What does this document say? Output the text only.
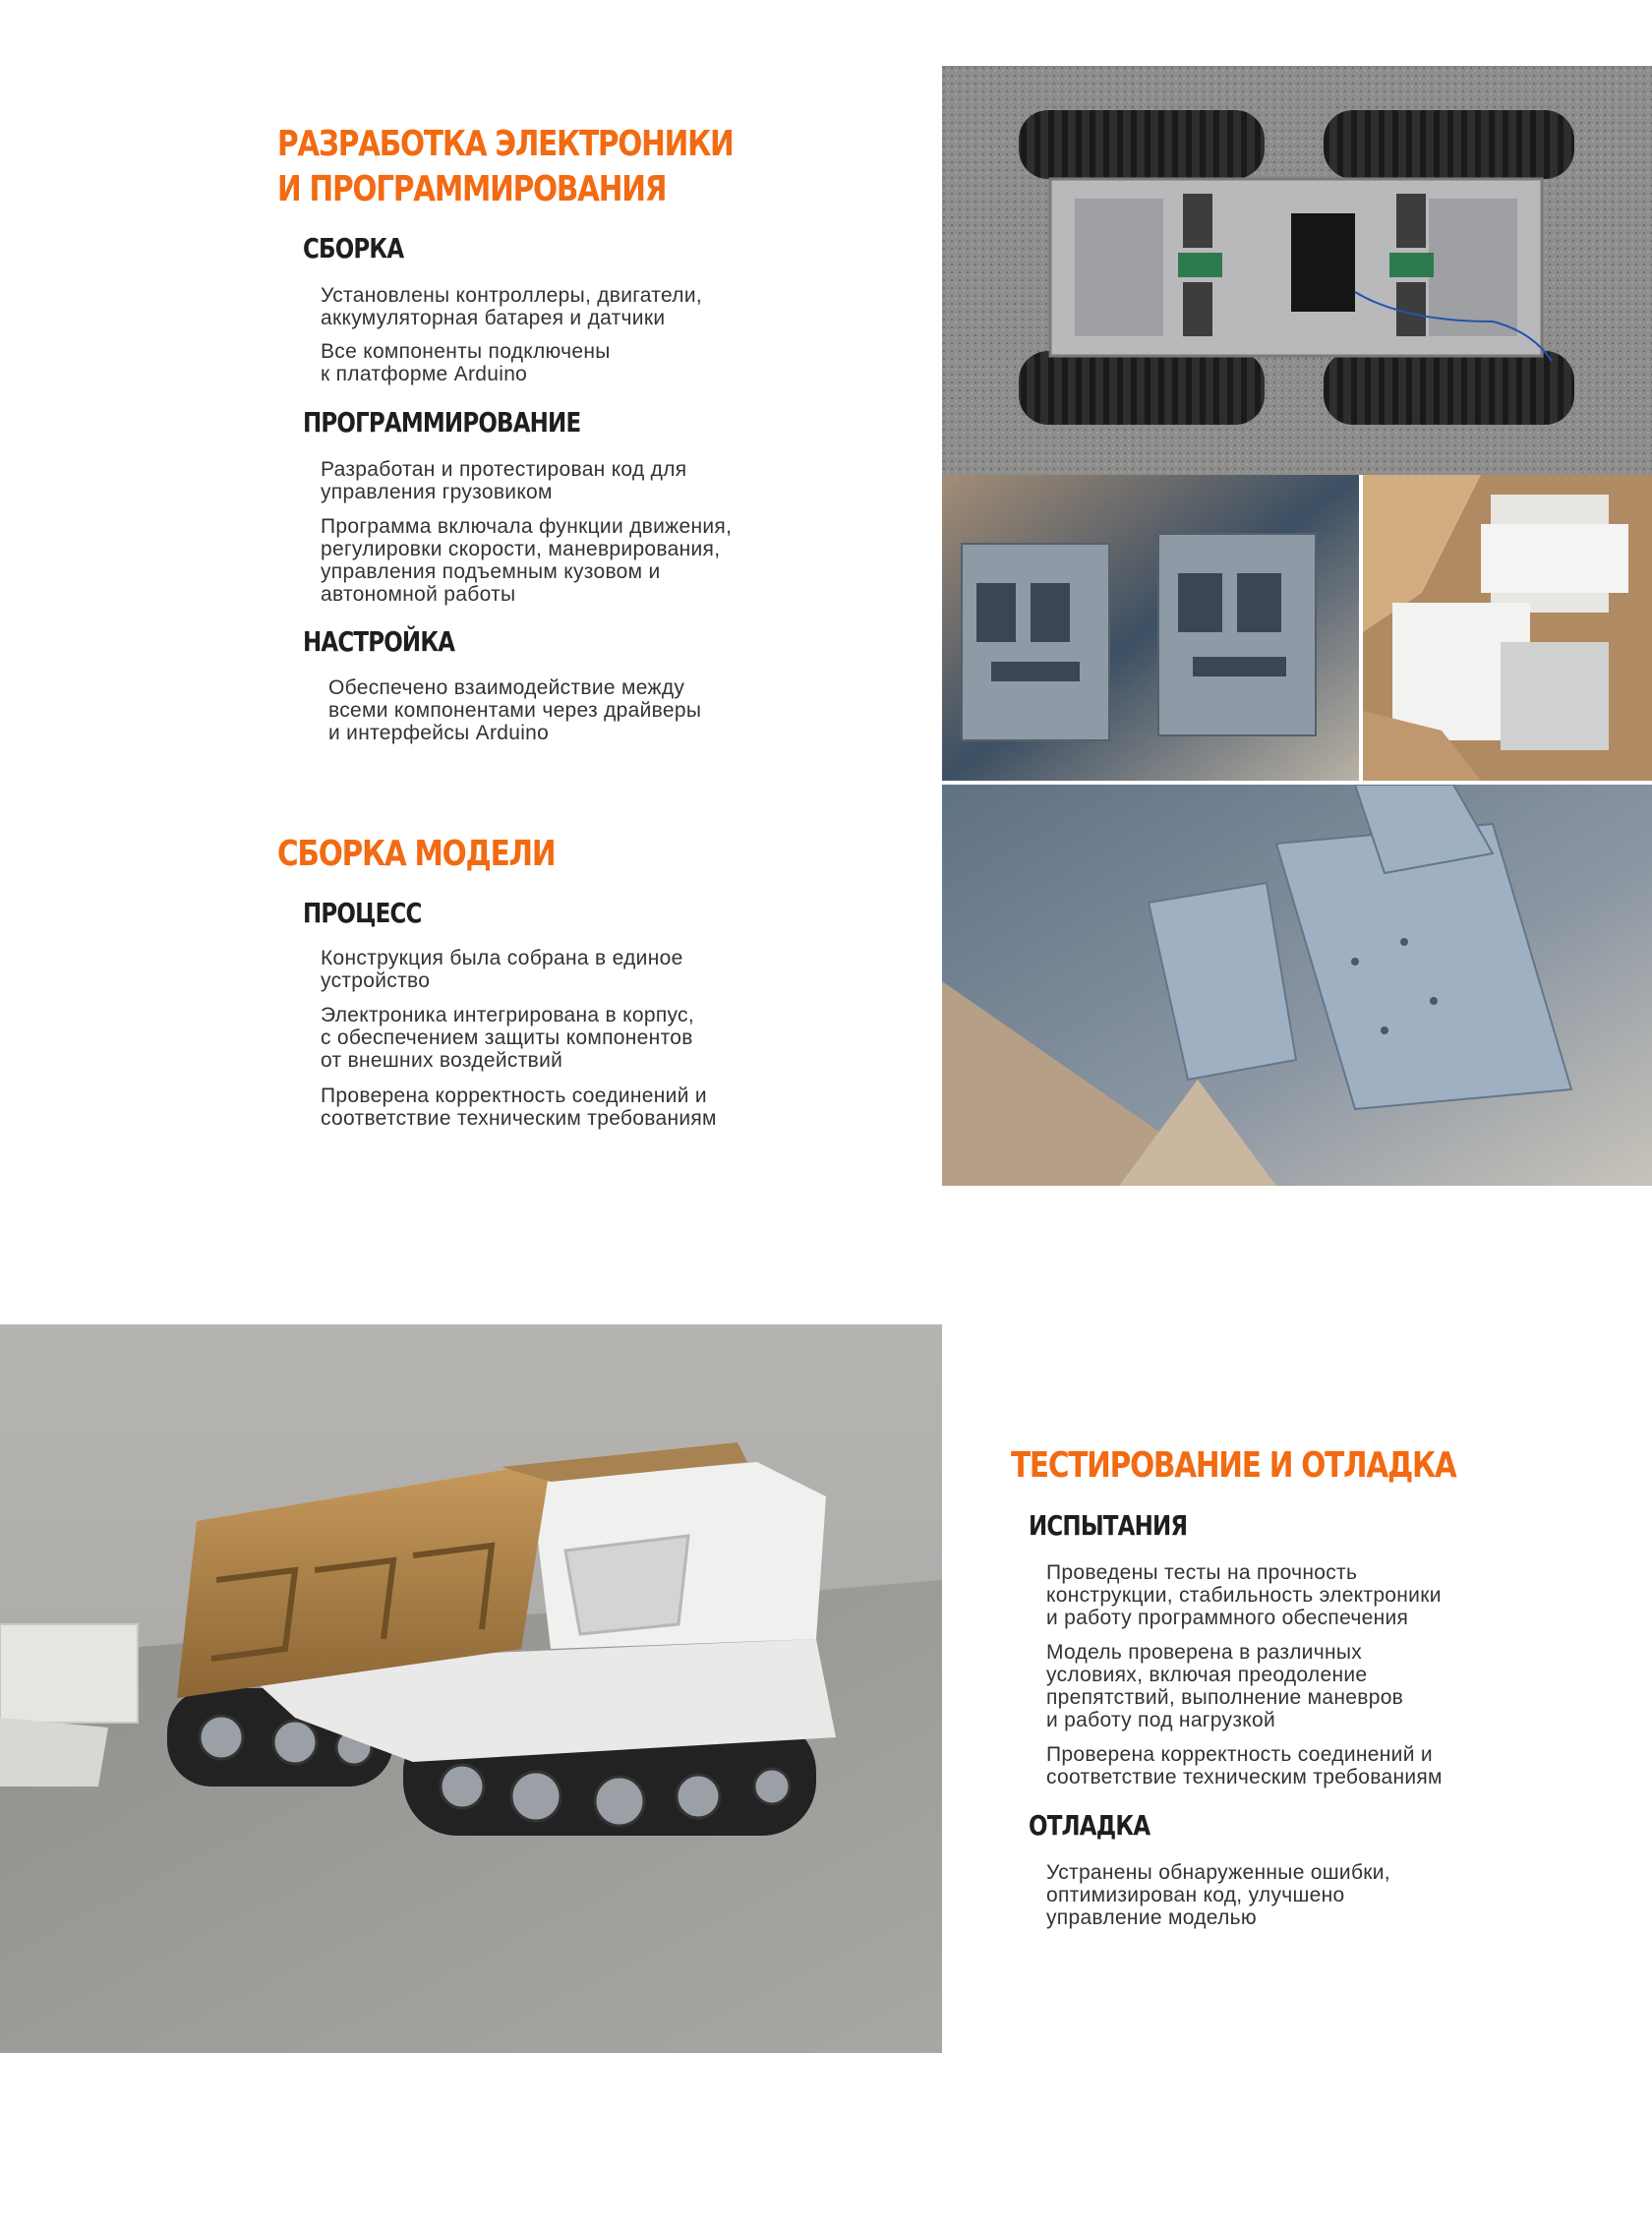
РАЗРАБОТКА ЭЛЕКТРОНИКИ
И ПРОГРАММИРОВАНИЯ
СБОРКА

Установлены контроллеры, двигатели,
аккумуляторная батарея и датчики

Все компоненты подключены
к платформе Arduino

ПРОГРАММИРОВАНИЕ

Разработан и протестирован код для
управления грузовиком

Программа включала функции движения,
регулировки скорости, маневрирования,
управления подъемным кузовом и
автономной работы

НАСТРОЙКА

Обеспечено взаимодействие между
всеми компонентами через драйверы
и интерфейсы Arduino

СБОРКА МОДЕЛИ
ПРОЦЕСС

Конструкция была собрана в единое
устройство

Электроника интегрирована в корпус,
с обеспечением защиты компонентов
от внешних воздействий

Проверена корректность соединений и
соответствие техническим требованиям

ТЕСТИРОВАНИЕ И ОТЛАДКА
ИСПЫТАНИЯ

Проведены тесты на прочность
конструкции, стабильность электроники
и работу программного обеспечения

Модель проверена в различных
условиях, включая преодоление
препятствий, выполнение маневров
и работу под нагрузкой

Проверена корректность соединений и
соответствие техническим требованиям

ОТЛАДКА

Устранены обнаруженные ошибки,
оптимизирован код, улучшено
управление моделью
